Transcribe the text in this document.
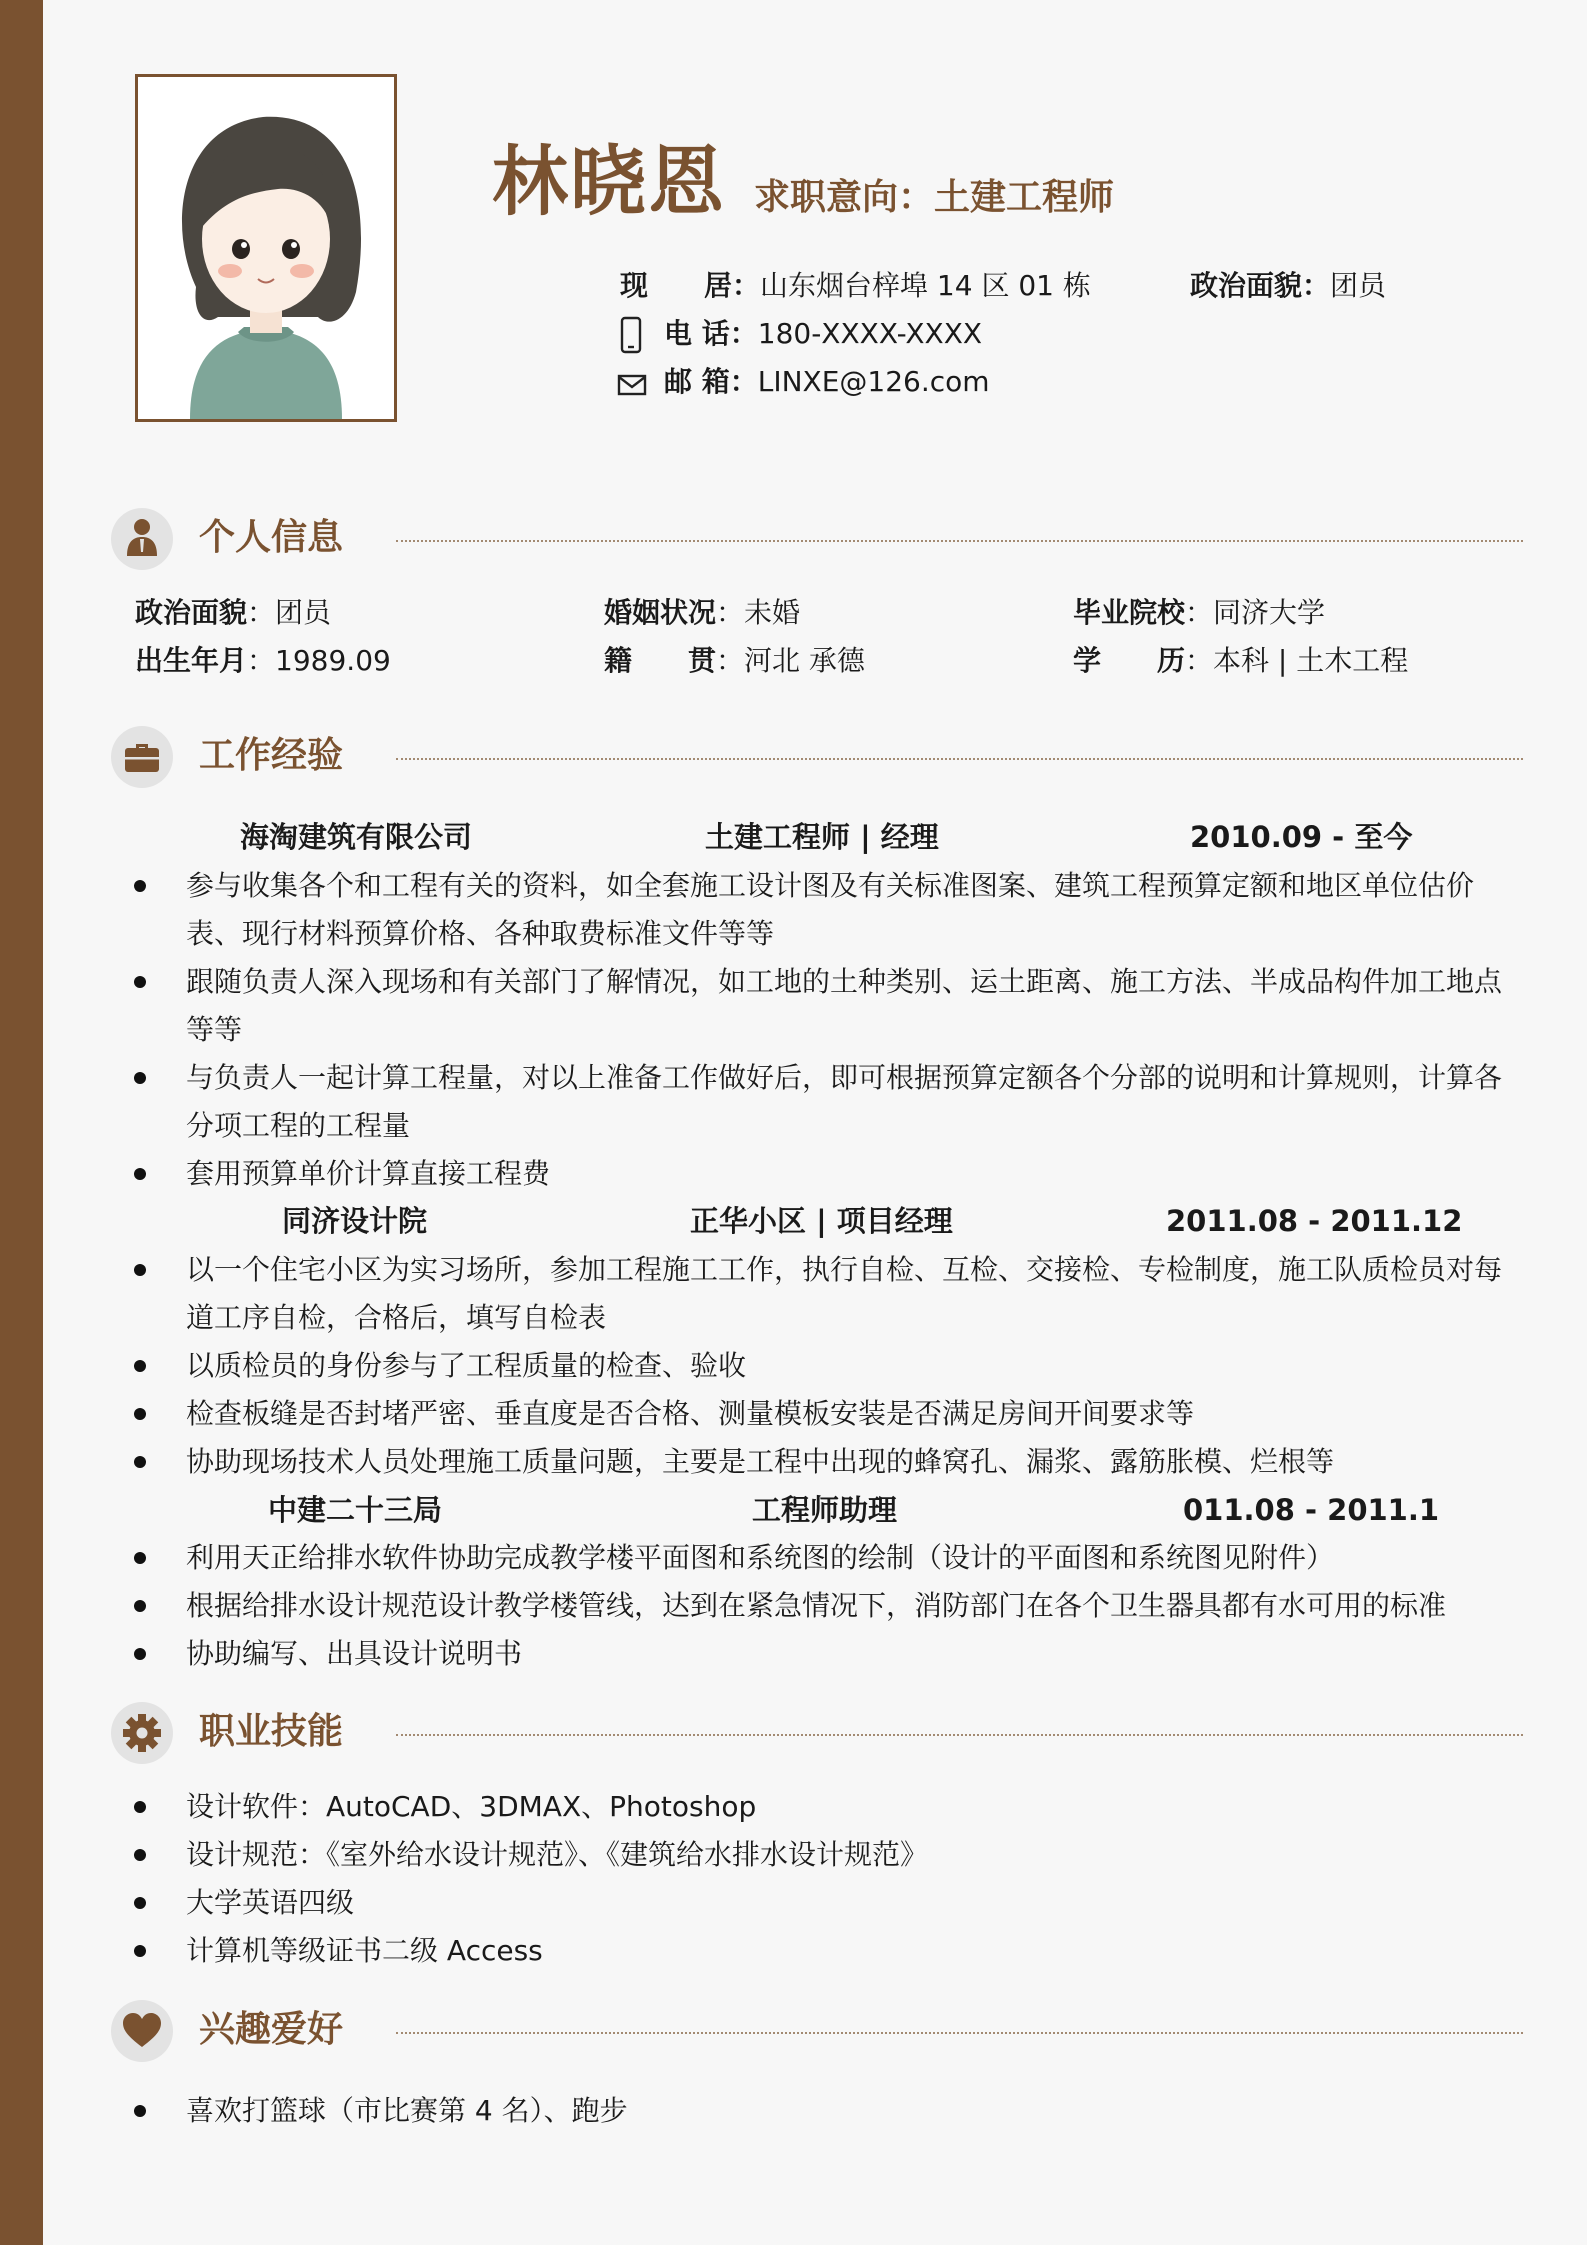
林晓恩 求职意向：土建工程师
现　　居：山东烟台梓埠 14 区 01 栋	政治面貌：团员
电 话：180-XXXX-XXXX
邮 箱：LINXE@126.com
个人信息
政治面貌：团员	婚姻状况：未婚	毕业院校：同济大学
出生年月：1989.09	籍　　贯：河北 承德	学　　历：本科 | 土木工程
工作经验
海淘建筑有限公司	土建工程师 | 经理	2010.09 - 至今
参与收集各个和工程有关的资料，如全套施工设计图及有关标准图案、建筑工程预算定额和地区单位估价表、现行材料预算价格、各种取费标准文件等等
跟随负责人深入现场和有关部门了解情况，如工地的土种类别、运土距离、施工方法、半成品构件加工地点等等
与负责人一起计算工程量，对以上准备工作做好后，即可根据预算定额各个分部的说明和计算规则，计算各分项工程的工程量
套用预算单价计算直接工程费
同济设计院	正华小区 | 项目经理	2011.08 - 2011.12
以一个住宅小区为实习场所，参加工程施工工作，执行自检、互检、交接检、专检制度，施工队质检员对每道工序自检，合格后，填写自检表
以质检员的身份参与了工程质量的检查、验收
检查板缝是否封堵严密、垂直度是否合格、测量模板安装是否满足房间开间要求等
协助现场技术人员处理施工质量问题，主要是工程中出现的蜂窝孔、漏浆、露筋胀模、烂根等
中建二十三局	工程师助理	011.08 - 2011.1
利用天正给排水软件协助完成教学楼平面图和系统图的绘制（设计的平面图和系统图见附件）
根据给排水设计规范设计教学楼管线，达到在紧急情况下，消防部门在各个卫生器具都有水可用的标准
协助编写、出具设计说明书
职业技能
设计软件：AutoCAD、3DMAX、Photoshop
设计规范：《室外给水设计规范》、《建筑给水排水设计规范》
大学英语四级
计算机等级证书二级 Access
兴趣爱好
喜欢打篮球（市比赛第 4 名）、跑步
